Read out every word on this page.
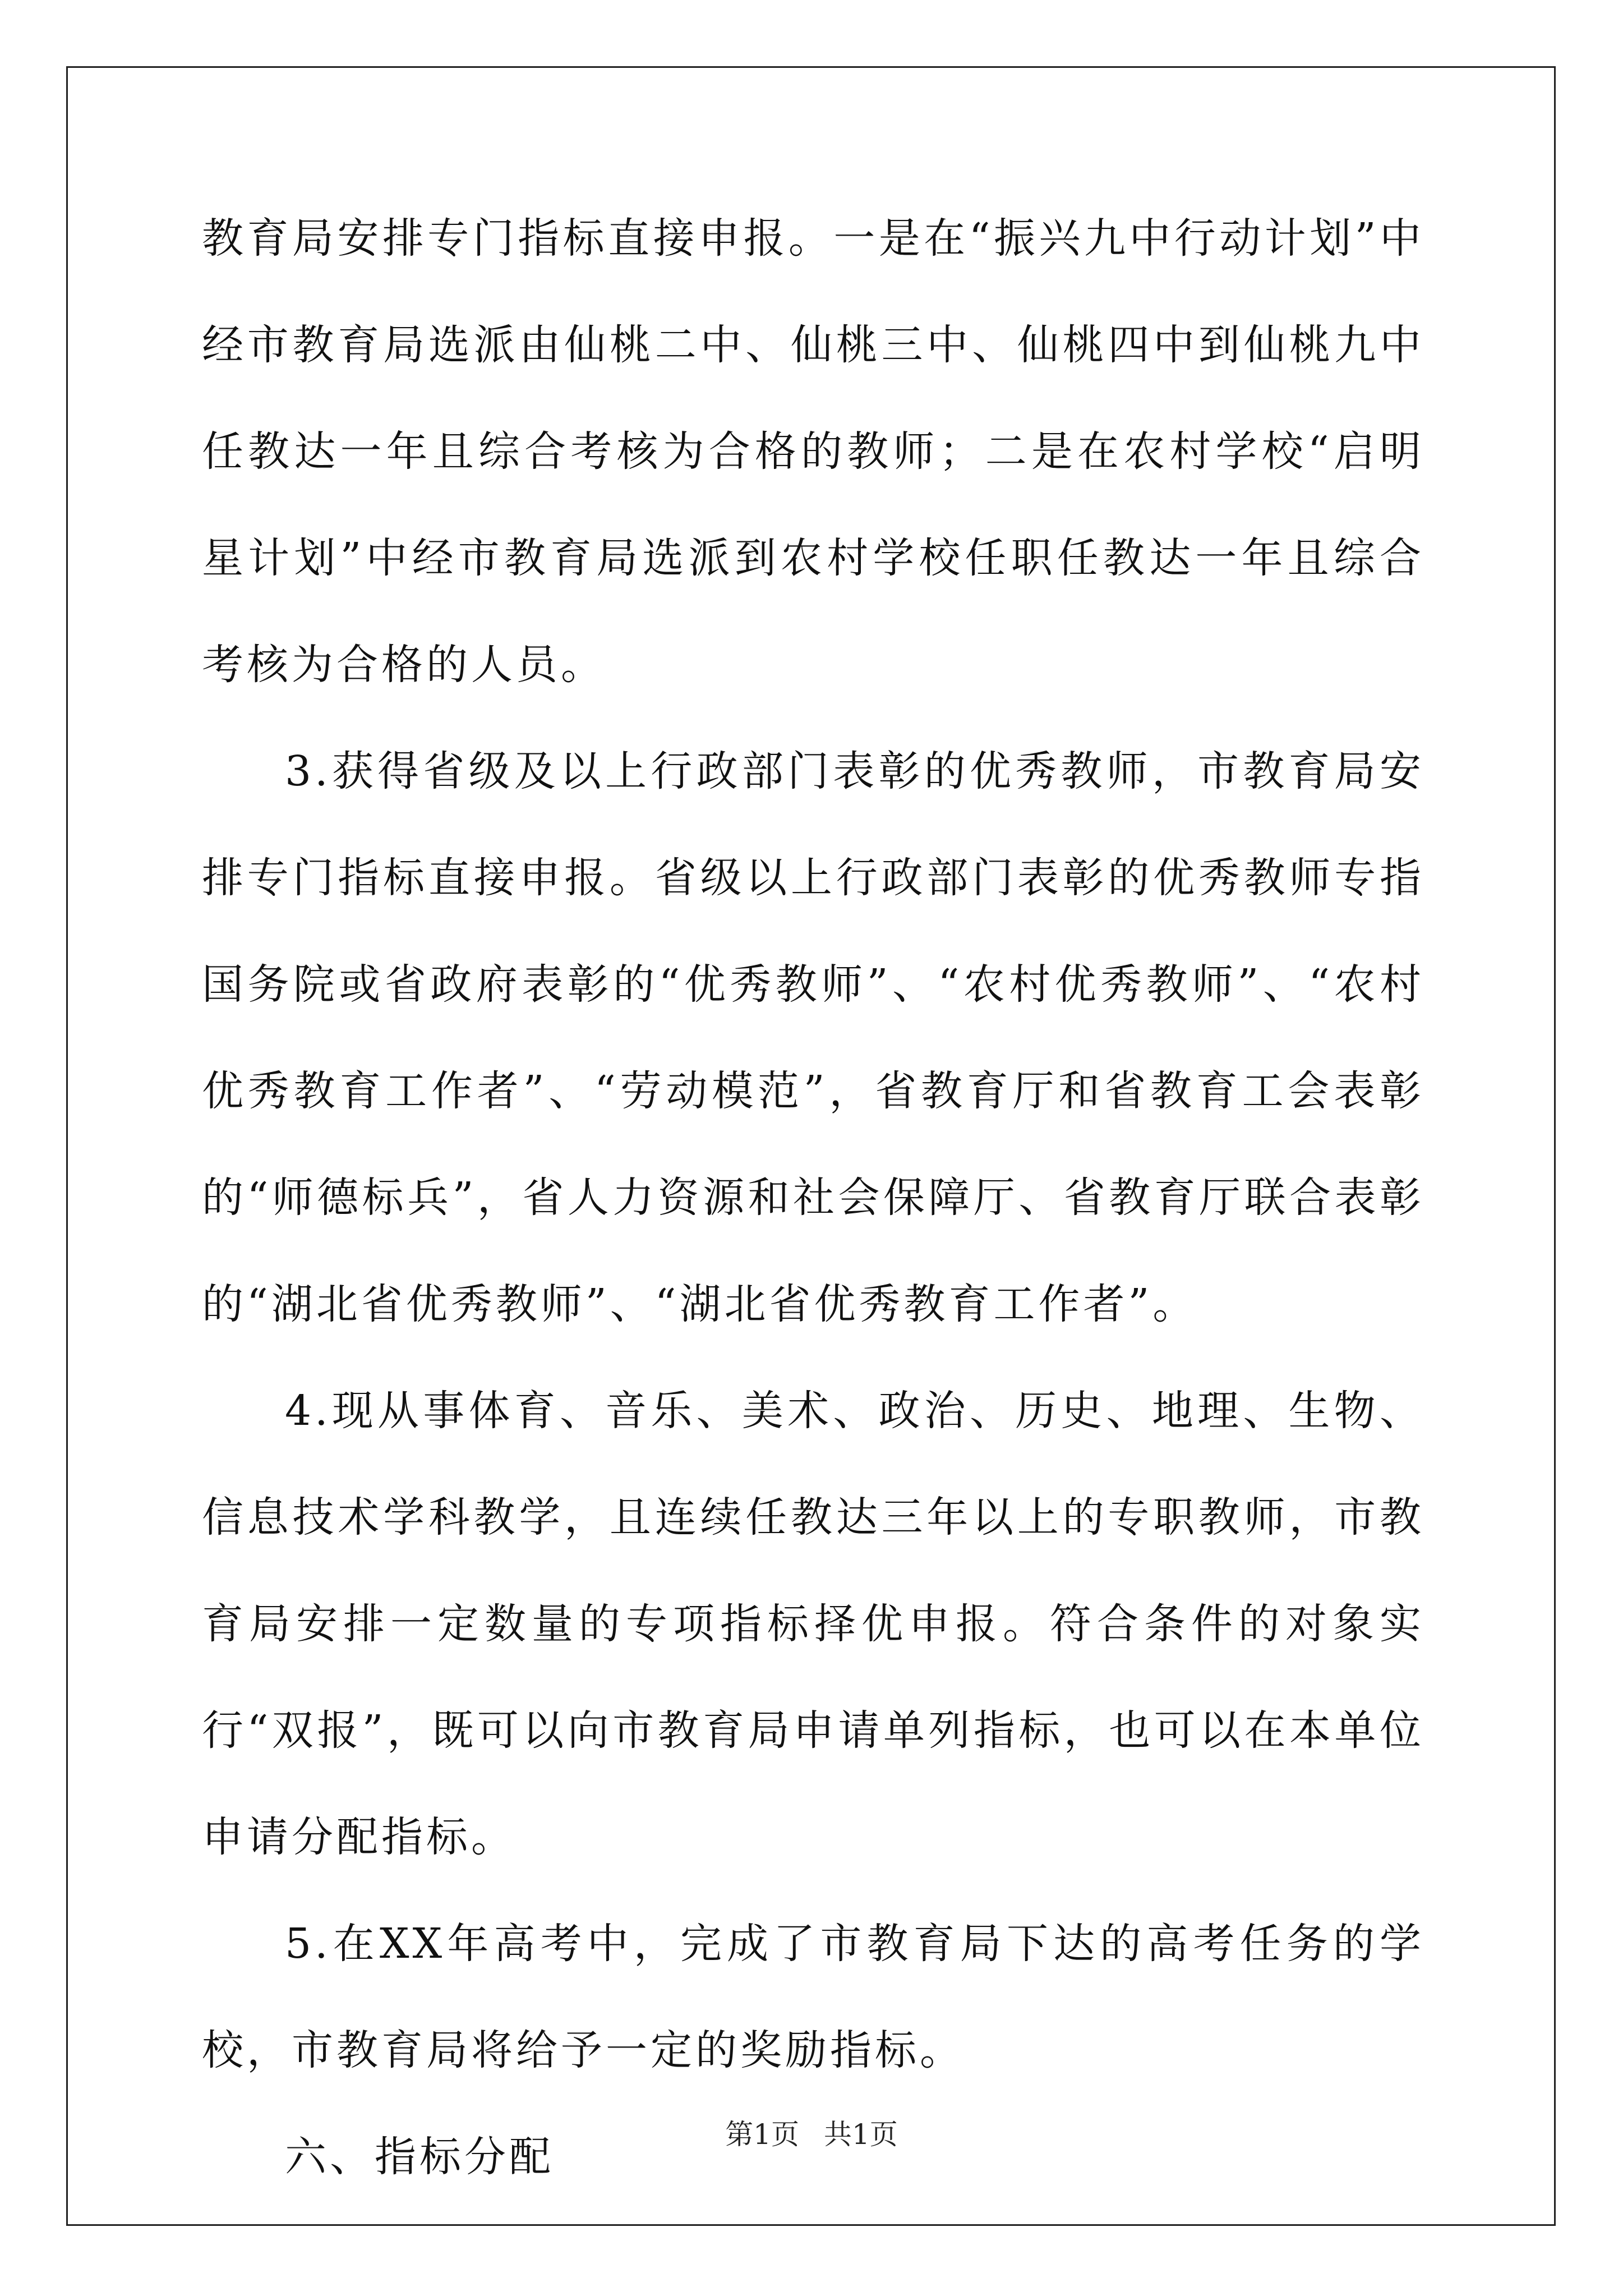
教育局安排专门指标直接申报。一是在“振兴九中行动计划”中经市教育局选派由仙桃二中、仙桃三中、仙桃四中到仙桃九中任教达一年且综合考核为合格的教师；二是在农村学校“启明星计划”中经市教育局选派到农村学校任职任教达一年且综合考核为合格的人员。

3.获得省级及以上行政部门表彰的优秀教师，市教育局安排专门指标直接申报。省级以上行政部门表彰的优秀教师专指国务院或省政府表彰的“优秀教师”、“农村优秀教师”、“农村优秀教育工作者”、“劳动模范”，省教育厅和省教育工会表彰的“师德标兵”，省人力资源和社会保障厅、省教育厅联合表彰的“湖北省优秀教师”、“湖北省优秀教育工作者”。

4.现从事体育、音乐、美术、政治、历史、地理、生物、信息技术学科教学，且连续任教达三年以上的专职教师，市教育局安排一定数量的专项指标择优申报。符合条件的对象实行“双报”，既可以向市教育局申请单列指标，也可以在本单位申请分配指标。

5.在XX年高考中，完成了市教育局下达的高考任务的学校，市教育局将给予一定的奖励指标。

六、指标分配	第1页 共1页
